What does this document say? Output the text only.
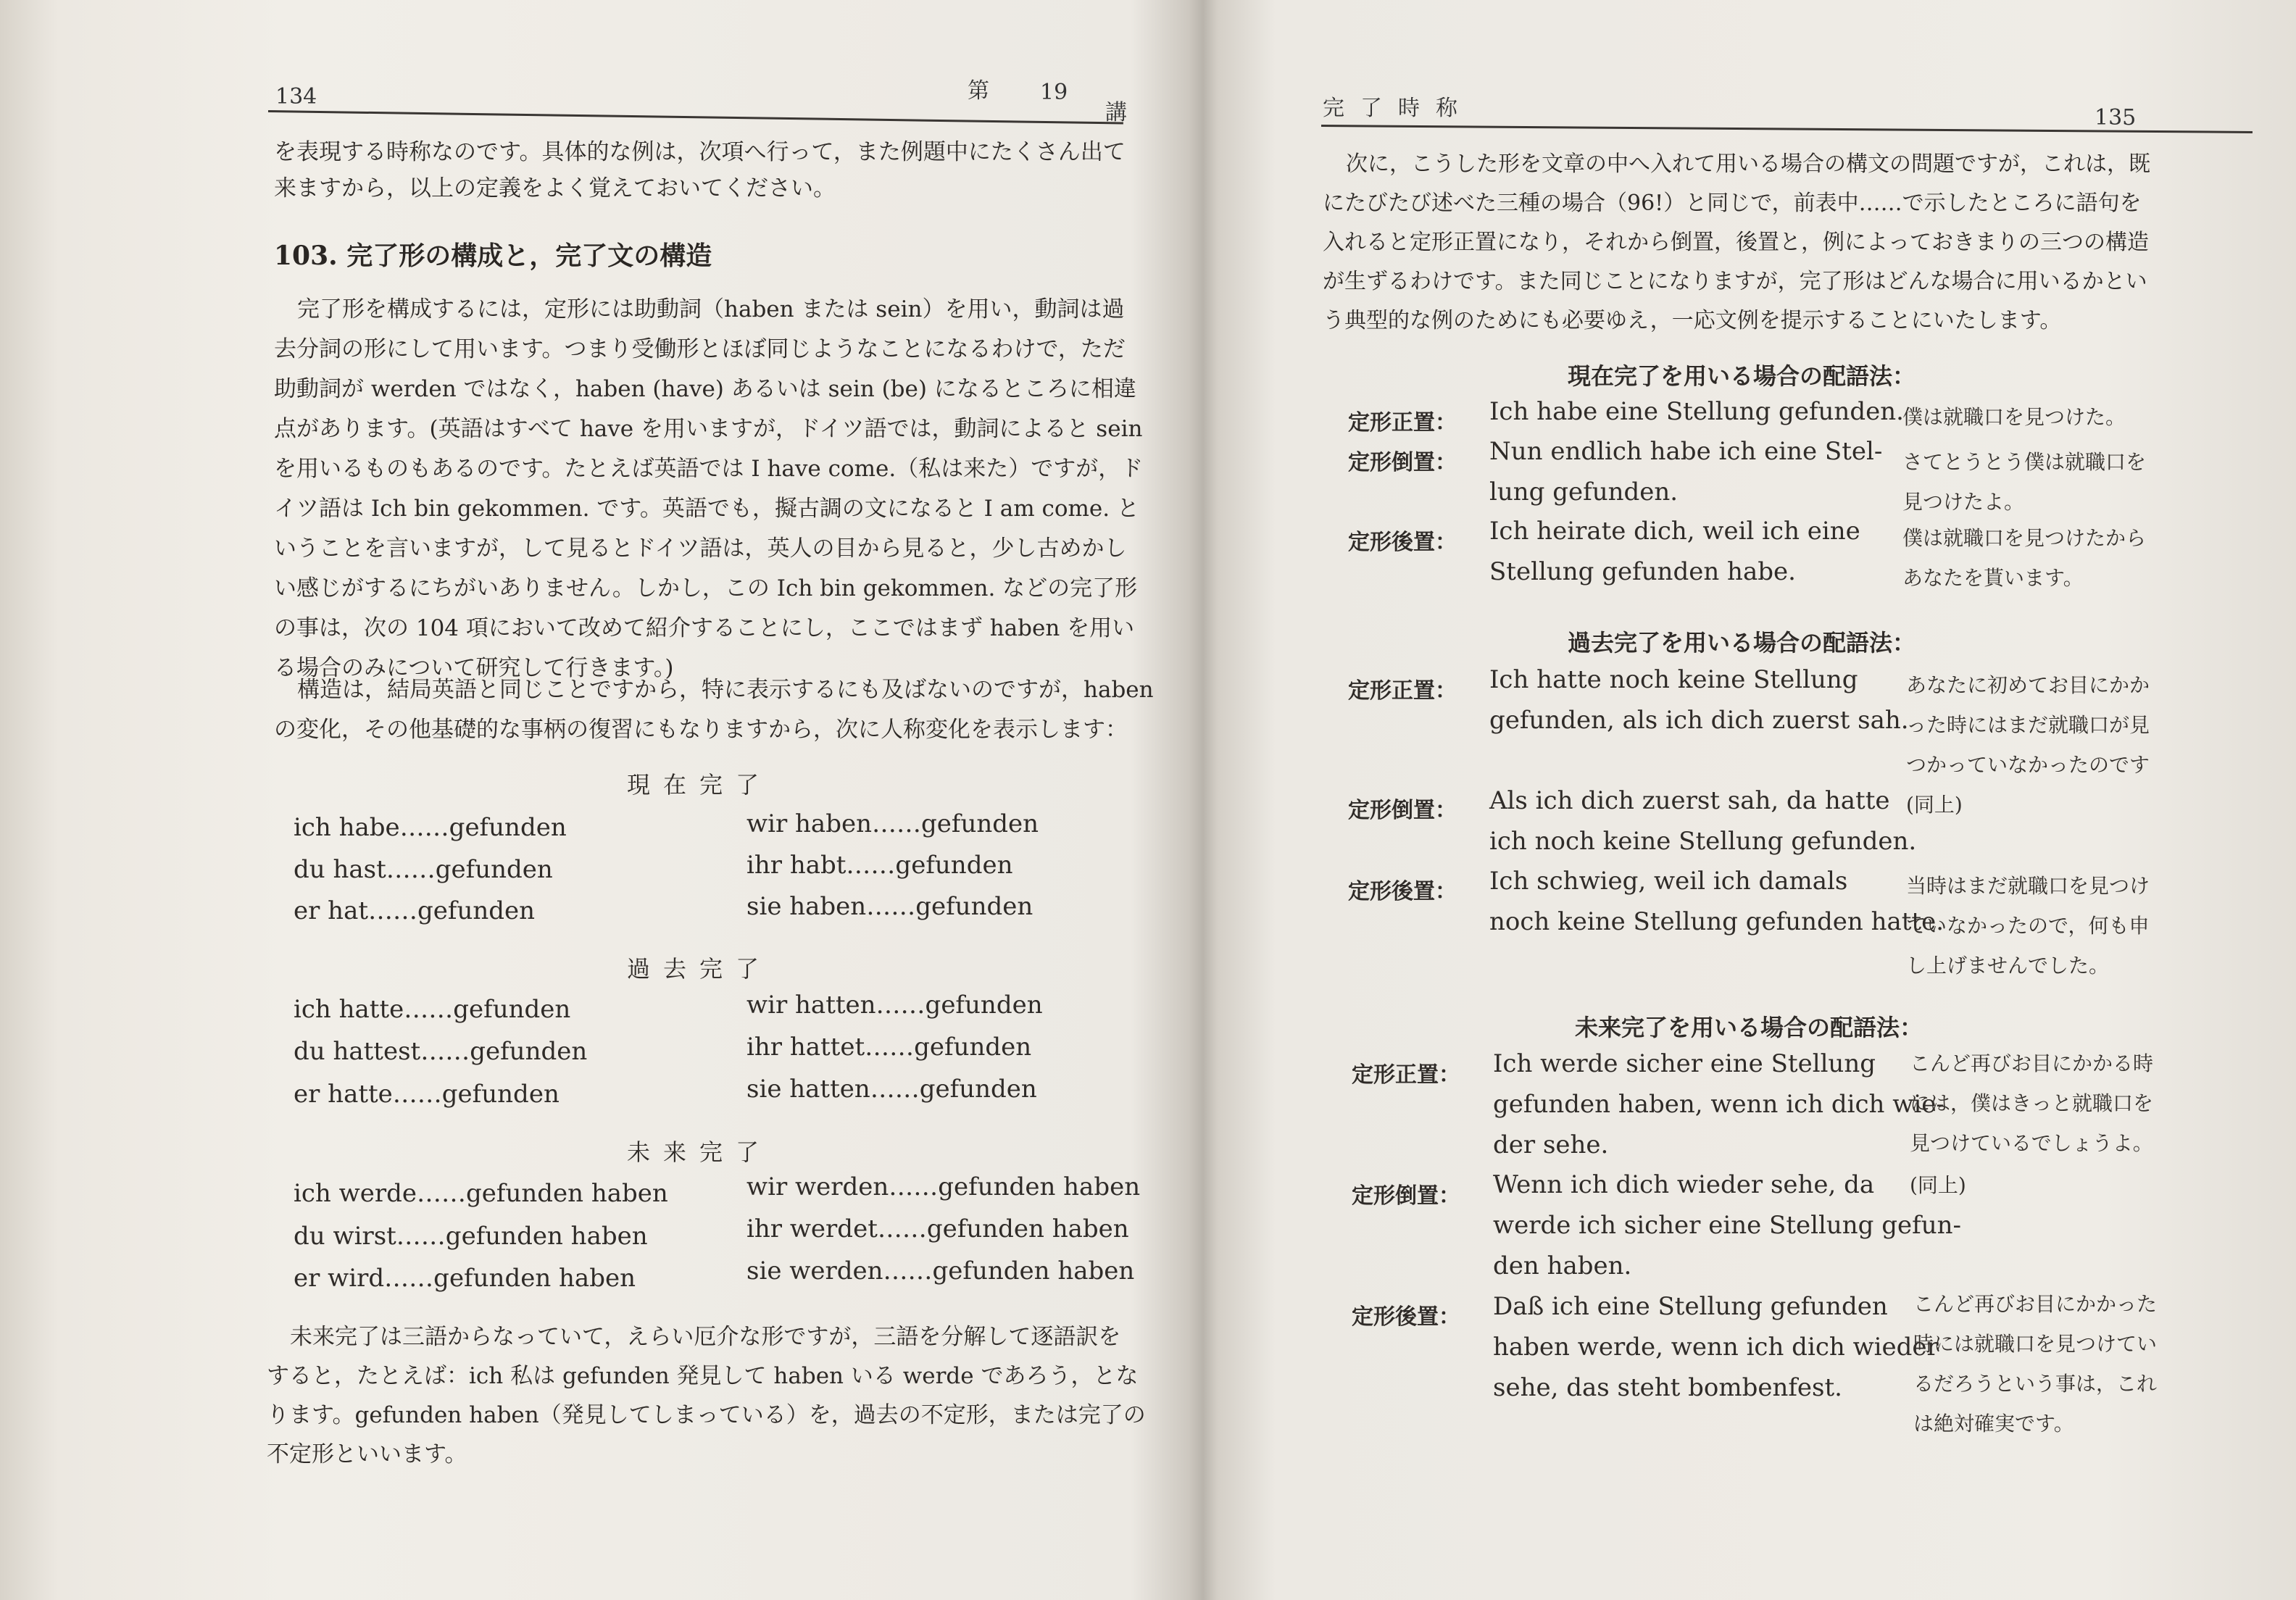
134	第 19
講
を表現する時称なのです。具体的な例は，次項へ行って，また例題中にたくさん出て
来ますから，以上の定義をよく覚えておいてください。
103. 完了形の構成と，完了文の構造
完了形を構成するには，定形には助動詞（haben または sein）を用い，動詞は過
去分詞の形にして用います。つまり受働形とほぼ同じようなことになるわけで，ただ
助動詞が werden ではなく，haben (have) あるいは sein (be) になるところに相違
点があります。(英語はすべて have を用いますが，ドイツ語では，動詞によると sein
を用いるものもあるのです。たとえば英語では I have come.（私は来た）ですが，ド
イツ語は Ich bin gekommen. です。英語でも，擬古調の文になると I am come. と
いうことを言いますが，して見るとドイツ語は，英人の目から見ると，少し古めかし
い感じがするにちがいありません。しかし，この Ich bin gekommen. などの完了形
の事は，次の 104 項において改めて紹介することにし，ここではまず haben を用い
る場合のみについて研究して行きます。)
構造は，結局英語と同じことですから，特に表示するにも及ばないのですが，haben
の変化，その他基礎的な事柄の復習にもなりますから，次に人称変化を表示します：
現在完了
ich habe……gefunden
du hast……gefunden
er hat……gefunden
wir haben……gefunden
ihr habt……gefunden
sie haben……gefunden
過去完了
ich hatte……gefunden
du hattest……gefunden
er hatte……gefunden
wir hatten……gefunden
ihr hattet……gefunden
sie hatten……gefunden
未来完了
ich werde……gefunden haben
du wirst……gefunden haben
er wird……gefunden haben
wir werden……gefunden haben
ihr werdet……gefunden haben
sie werden……gefunden haben
未来完了は三語からなっていて，えらい厄介な形ですが，三語を分解して逐語訳を
すると，たとえば：ich 私は gefunden 発見して haben いる werde であろう，とな
ります。gefunden haben（発見してしまっている）を，過去の不定形，または完了の
不定形といいます。
完了時称	135
次に，こうした形を文章の中へ入れて用いる場合の構文の問題ですが，これは，既
にたびたび述べた三種の場合（96!）と同じで，前表中……で示したところに語句を
入れると定形正置になり，それから倒置，後置と，例によっておきまりの三つの構造
が生ずるわけです。また同じことになりますが，完了形はどんな場合に用いるかとい
う典型的な例のためにも必要ゆえ，一応文例を提示することにいたします。
現在完了を用いる場合の配語法：
定形正置： Ich habe eine Stellung gefunden.
僕は就職口を見つけた。
定形倒置： Nun endlich habe ich eine Stel-
lung gefunden.
さてとうとう僕は就職口を
見つけたよ。
定形後置： Ich heirate dich, weil ich eine
Stellung gefunden habe.
僕は就職口を見つけたから
あなたを貰います。
過去完了を用いる場合の配語法：
定形正置： Ich hatte noch keine Stellung
gefunden, als ich dich zuerst sah.
あなたに初めてお目にかか
った時にはまだ就職口が見
つかっていなかったのです
定形倒置： Als ich dich zuerst sah, da hatte
ich noch keine Stellung gefunden.
(同上)
定形後置： Ich schwieg, weil ich damals
noch keine Stellung gefunden hatte.
当時はまだ就職口を見つけ
ていなかったので，何も申
し上げませんでした。
未来完了を用いる場合の配語法：
定形正置： Ich werde sicher eine Stellung
gefunden haben, wenn ich dich wie-
der sehe.
こんど再びお目にかかる時
には，僕はきっと就職口を
見つけているでしょうよ。
定形倒置： Wenn ich dich wieder sehe, da
werde ich sicher eine Stellung gefun-
den haben.
(同上)
定形後置： Daß ich eine Stellung gefunden
haben werde, wenn ich dich wieder
sehe, das steht bombenfest.
こんど再びお目にかかった
時には就職口を見つけてい
るだろうという事は，これ
は絶対確実です。
